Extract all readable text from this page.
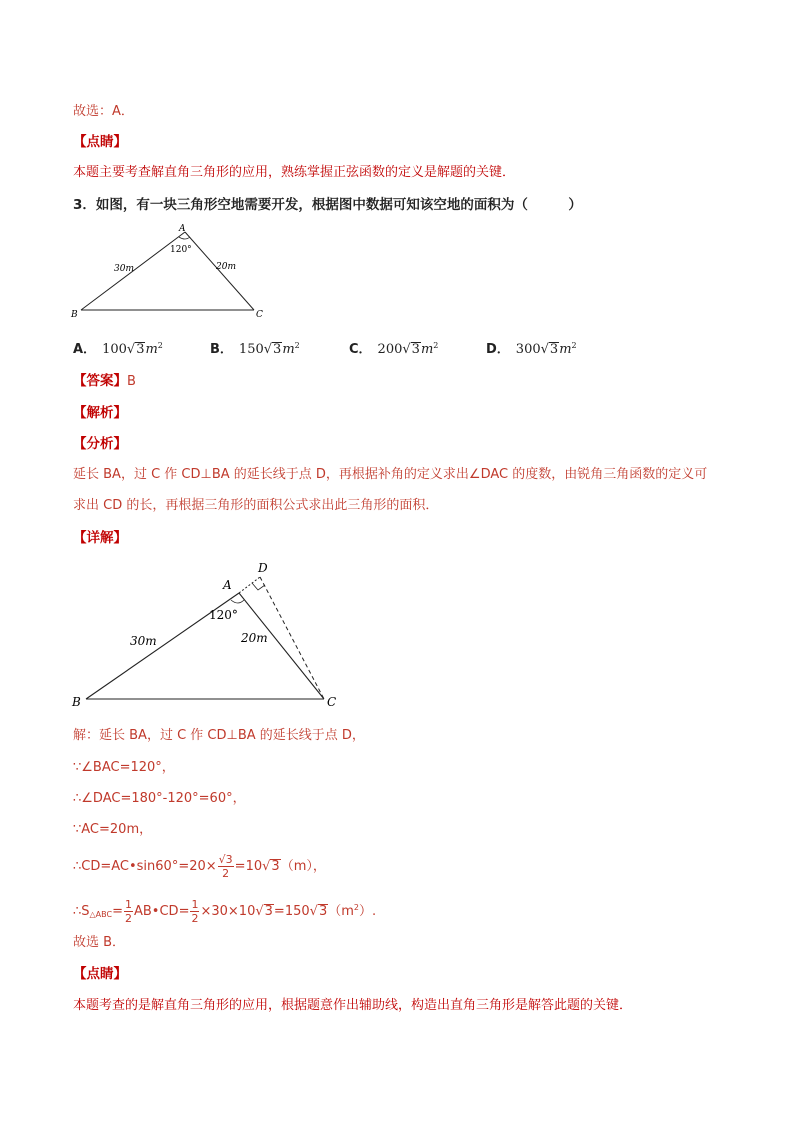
故选：A．
【点睛】
本题主要考查解直角三角形的应用，熟练掌握正弦函数的定义是解题的关键．
3．如图，有一块三角形空地需要开发，根据图中数据可知该空地的面积为（　　　）
A
B	C
120°
30m	20m
A． $100√3m^2$	B． $150√3m^2$	C． $200√3m^2$	D． $300√3m^2$
【答案】B
【解析】
【分析】
延长 BA，过 C 作 CD⊥BA 的延长线于点 D，再根据补角的定义求出∠DAC 的度数，由锐角三角函数的定义可
求出 CD 的长，再根据三角形的面积公式求出此三角形的面积．
【详解】
A
B	C
D
120°
30m	20m
解：延长 BA，过 C 作 CD⊥BA 的延长线于点 D，
∵∠BAC=120°，
∴∠DAC=180°-120°=60°，
∵AC=20m，
∴CD=AC•sin60°=20× $\frac{√3}{2} =10√3(m)$，
$\therefore S_{\triangle ABC}= \frac{1}{2}$ AB•CD= $\frac{1}{2} \times 30\times 10√3=150√3(m^2)$.
故选 B．
【点睛】
本题考查的是解直角三角形的应用，根据题意作出辅助线，构造出直角三角形是解答此题的关键．
